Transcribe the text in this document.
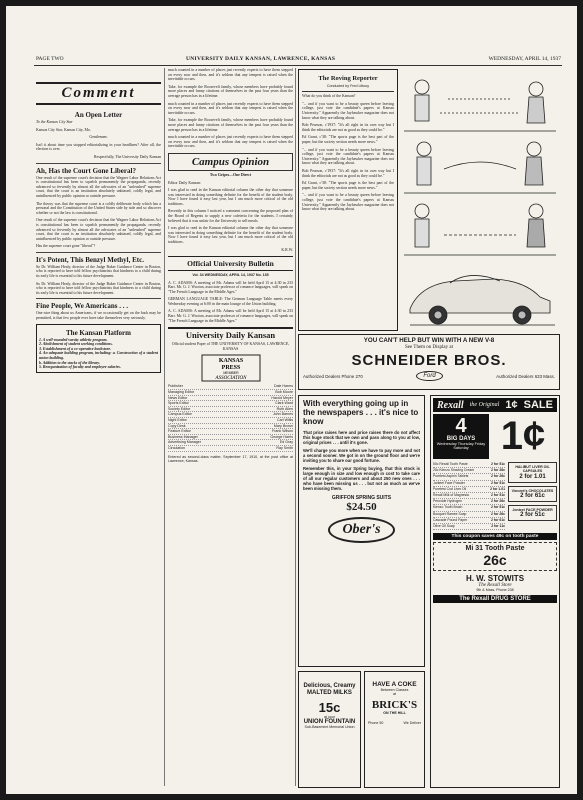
PAGE TWO	UNIVERSITY DAILY KANSAN, LAWRENCE, KANSAS	WEDNESDAY, APRIL 14, 1937
Comment
An Open Letter

To the Kansas City Star

Kansas City Star, Kansas City, Mo.

Gentlemen:

Isn't it about time you stopped editorializing in your headlines? After all, the election is over.

Respectfully, The University Daily Kansan

Ah, Has the Court Gone Liberal?

One result of the supreme court's decision that the Wagner Labor Relations Act is constitutional has been to squelch permanently the propaganda, recently advanced so fervently by almost all the advocates of an "unleashed" supreme court, that the court is an institution absolutely unbiased, coldly legal, and uninfluenced by public opinion or outside pressure.

The theory was that the supreme court is a coldly deliberate body which has a personal and the Constitution of the United States side by side and so discover whether or not the law is constitutional.

One result of the supreme court's decision that the Wagner Labor Relations Act is constitutional has been to squelch permanently the propaganda, recently advanced so fervently by almost all the advocates of an "unleashed" supreme court, that the court is an institution absolutely unbiased, coldly legal, and uninfluenced by public opinion or outside pressure.

Has the supreme court gone "liberal"?

It's Potent, This Benzyl Methyl, Etc.

So Dr. William Healy, director of the Judge Baker Guidance Center in Boston, who is reported to have told fellow psychiatrists that kindness to a child during its early life is essential to his future development.

So Dr. William Healy, director of the Judge Baker Guidance Center in Boston, who is reported to have told fellow psychiatrists that kindness to a child during its early life is essential to his future development.

Fine People, We Americans . . .

One nice thing about us Americans, if we occasionally get on the back may be permitted, is that few people ever have take themselves very seriously.

The Kansan Platform
1. A well-rounded varsity athletic program.
2. Abolishment of student working conditions.
3. Establishment of a co-operative bookstore.
4. An adequate building program, including: a. Construction of a student union building.
b. Addition to the stacks of the library.
5. Reorganization of faculty and employee salaries.

much counted in a number of places just recently experts to have them stepped on every now and then, and it's seldom that any tempest is raised when the inevitable occurs.

Take, for example the Roosevelt family, whose members have probably found more places and funny citations of themselves in the past four years than the average person has in a lifetime.

much counted in a number of places just recently experts to have them stepped on every now and then, and it's seldom that any tempest is raised when the inevitable occurs.

Take, for example the Roosevelt family, whose members have probably found more places and funny citations of themselves in the past four years than the average person has in a lifetime.

much counted in a number of places just recently experts to have them stepped on every now and then, and it's seldom that any tempest is raised when the inevitable occurs.

Campus Opinion
Two Gripes—One Direct

Editor Daily Kansan:

I was glad to read in the Kansan editorial column the other day that someone was interested in doing something definite for the benefit of the student body. Now I have found it easy last year, but I am much more critical of the old traditions.

Recently in this column I noticed a comment concerning the proposed plan of the Board of Regents to supply a new cafeteria for the students. I certainly believed that it was unfair for the University to sell meals.

I was glad to read in the Kansan editorial column the other day that someone was interested in doing something definite for the benefit of the student body. Now I have found it easy last year, but I am much more critical of the old traditions.

K.R.W.

Official University Bulletin
Vol. 34 WEDNESDAY, APRIL 14, 1937 No. 135

A. C. ADAMS: A meeting of Mr. Adams will be held April 15 at 4:30 in 233 Bart. Mr. G. J. Wooton, associate professor of romance languages, will speak on "The French Language in the Middle Ages."

GERMAN LANGUAGE TABLE: The German Language Table meets every Wednesday evening at 6:00 in the main lounge of the Union building.

A. C. ADAMS: A meeting of Mr. Adams will be held April 15 at 4:30 in 233 Bart. Mr. G. J. Wooton, associate professor of romance languages, will speak on "The French Language in the Middle Ages."

University Daily Kansan
Official student Paper of THE UNIVERSITY OF KANSAS, LAWRENCE, KANSAS
KANSAS
PRESS
MEMBER
ASSOCIATION
Publisher	Dale Harms
Managing Editor	Bob Moore
News Editor	Harold Meyer
Sports Editor	Clark Ward
Society Editor	Ruth Allen
Campus Editor	John Barnes
Night Editor	Carl Willis
Copy Desk	Mary Brown
Feature Editor	Frank Wilson
Business Manager	George Harris
Advertising Manager	Ed Gray
Circulation	Ray Smith

Entered as second-class matter, September 17, 1910, at the post office at Lawrence, Kansas.

The Roving Reporter
Conducted by Fred Littooy

What do you think of the Kansan?

"... and if you want to be a beauty queen before leaving college, just vote the candidate's papers at Kansas University." Apparently the Jayhawker magazine does not know what they are talking about.

Bob Pearson, c'1937: "It's all right in its own way but I think the editorials are not as good as they could be."

Ed Grant, c'38: "The sports page is the best part of the paper, but the society section needs more news."

"... and if you want to be a beauty queen before leaving college, just vote the candidate's papers at Kansas University." Apparently the Jayhawker magazine does not know what they are talking about.

Bob Pearson, c'1937: "It's all right in its own way but I think the editorials are not as good as they could be."

Ed Grant, c'38: "The sports page is the best part of the paper, but the society section needs more news."

"... and if you want to be a beauty queen before leaving college, just vote the candidate's papers at Kansas University." Apparently the Jayhawker magazine does not know what they are talking about.

YOU CAN'T HELP BUT WIN WITH A NEW V-8
See Them on Display at
SCHNEIDER BROS.
Authorized Dealers Phone 270	Ford	Authorized Dealers 633 Mass.
With everything going up in the newspapers . . . it's nice to know

That price raises here and price raises there do not affect this huge stock that we own and pass along to you at low, original prices . . . until it's gone.

We'll charge you more when we have to pay more and not a second sooner. We got in on the ground floor and we're inviting you to share our good fortune.

Remember this, in your Spring buying, that this stock is large enough in size and low enough in cost to take care of all our regular customers and about 250 new ones . . . who have been missing us . . . but not as much as we've been missing them.

GRIFFON SPRING SUITS
$24.50
Ober's
Rexall the Original 1¢ SALE
4
BIG DAYS
Wednesday Thursday Friday Saturday 1¢
50c Rexall Tooth Paste	2 for 51c
25c Klenzo Shaving Cream	2 for 26c
Puretest Aspirin Tablets	2 for 26c
Jonteel Face Powder	2 for 51c
Puretest Cod Liver Oil	2 for 1.01
Rexall Milk of Magnesia	2 for 51c
Peroxide Hydrogen	2 for 26c
Klenzo Tooth Brush	2 for 51c
Bouquet Ramee Soap	2 for 26c
Cascade Pound Paper	2 for 61c
Olive Oil Soap	2 for 11c
HALIBUT LIVER OIL CAPSULES
2 for 1.01
Vincent's CHOCOLATES
2 for 61c
Jonteel FACE POWDER
2 for 51c
This coupon saves 49c on tooth paste
Mi 31 Tooth Paste
26c
H. W. STOWITS
The Rexall Store
9th & Mass. Phone 238
The Rexall DRUG STORE
Delicious, Creamy MALTED MILKS
15c
at your
UNION FOUNTAIN
Sub-Basement Memorial Union
HAVE A COKE
Between Classes
at
BRICK'S
ON THE HILL
Phone 50	We Deliver
